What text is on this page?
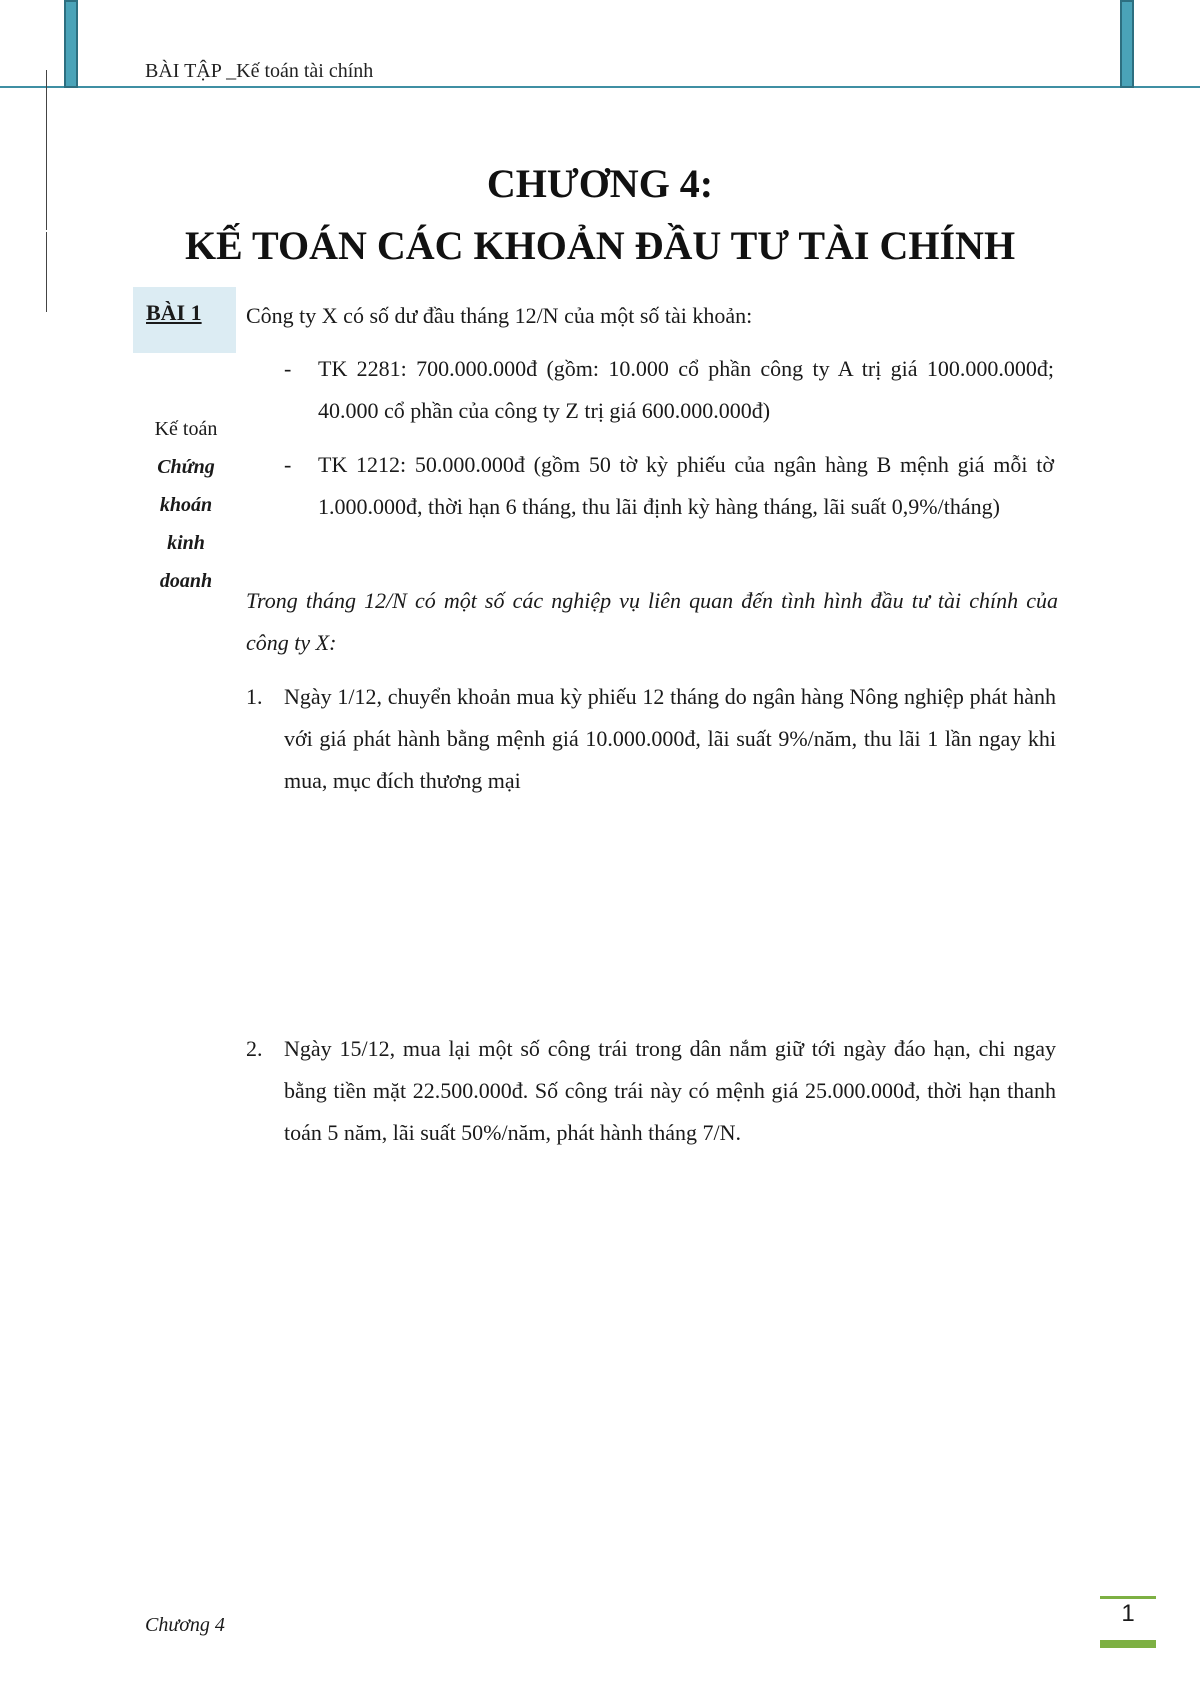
BÀI TẬP _Kế toán tài chính
CHƯƠNG 4:
KẾ TOÁN CÁC KHOẢN ĐẦU TƯ TÀI CHÍNH
BÀI 1
Kế toán
Chứng
khoán
kinh
doanh
Công ty X có số dư đầu tháng 12/N của một số tài khoản:
- TK 2281: 700.000.000đ (gồm: 10.000 cổ phần công ty A trị giá 100.000.000đ; 40.000 cổ phần của công ty Z trị giá 600.000.000đ)
- TK 1212: 50.000.000đ (gồm 50 tờ kỳ phiếu của ngân hàng B mệnh giá mỗi tờ 1.000.000đ, thời hạn 6 tháng, thu lãi định kỳ hàng tháng, lãi suất 0,9%/tháng)
Trong tháng 12/N có một số các nghiệp vụ liên quan đến tình hình đầu tư tài chính của công ty X:
1. Ngày 1/12, chuyển khoản mua kỳ phiếu 12 tháng do ngân hàng Nông nghiệp phát hành với giá phát hành bằng mệnh giá 10.000.000đ, lãi suất 9%/năm, thu lãi 1 lần ngay khi mua, mục đích thương mại
2. Ngày 15/12, mua lại một số công trái trong dân nắm giữ tới ngày đáo hạn, chi ngay bằng tiền mặt 22.500.000đ. Số công trái này có mệnh giá 25.000.000đ, thời hạn thanh toán 5 năm, lãi suất 50%/năm, phát hành tháng 7/N.
Chương 4	1
